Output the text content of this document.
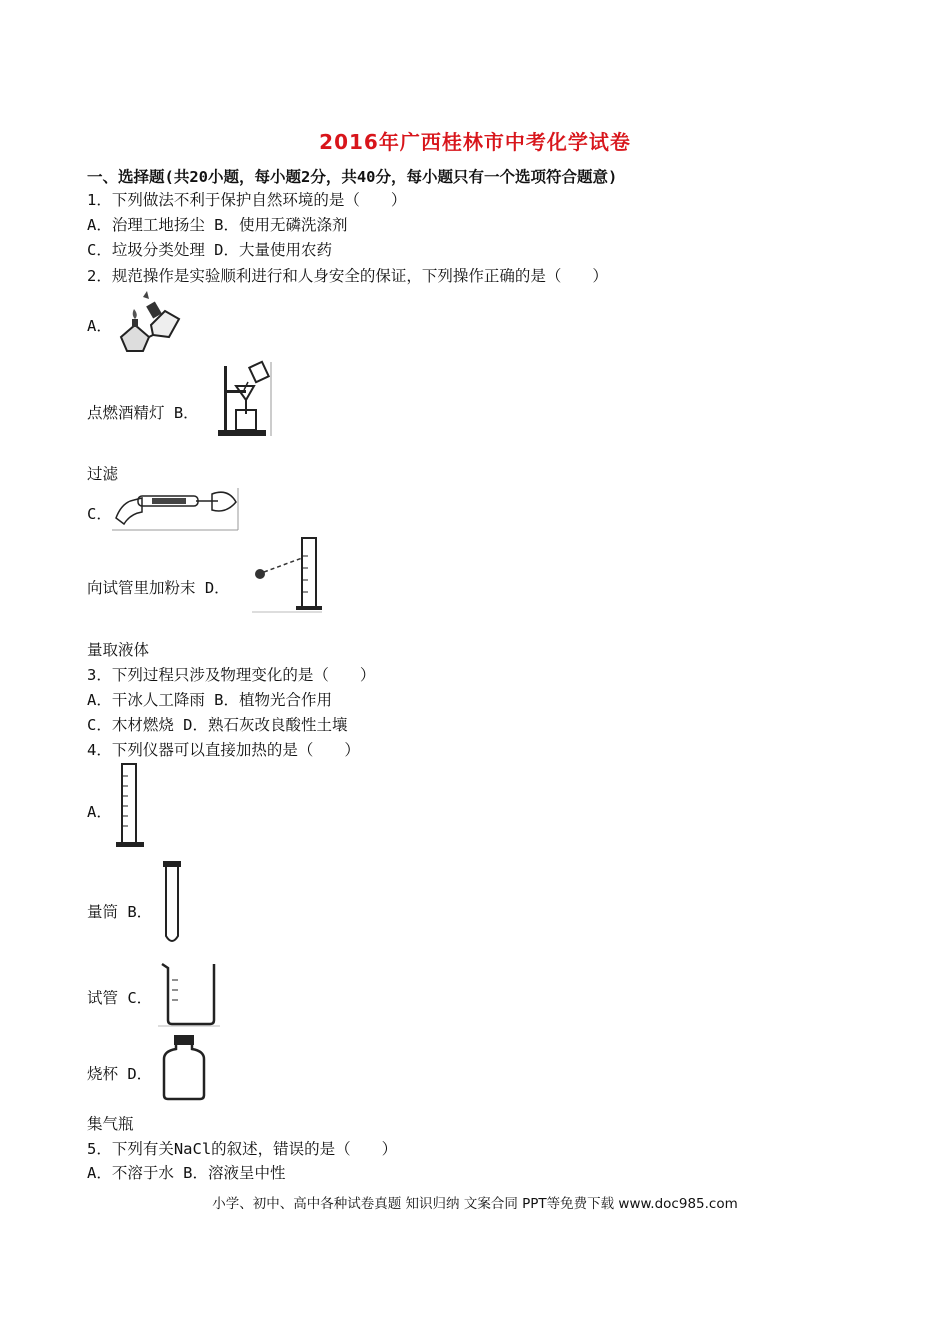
2016年广西桂林市中考化学试卷
一、选择题(共20小题，每小题2分，共40分，每小题只有一个选项符合题意)
1．下列做法不利于保护自然环境的是（　　）
A．治理工地扬尘 B．使用无磷洗涤剂
C．垃圾分类处理 D．大量使用农药
2．规范操作是实验顺利进行和人身安全的保证，下列操作正确的是（　　）
A．
点燃酒精灯 B．
过滤
C．
向试管里加粉末 D．
量取液体
3．下列过程只涉及物理变化的是（　　）
A．干冰人工降雨 B．植物光合作用
C．木材燃烧 D．熟石灰改良酸性土壤
4．下列仪器可以直接加热的是（　　）
A．
量筒 B．
试管 C．
烧杯 D．
集气瓶
5．下列有关NaCl的叙述，错误的是（　　）
A．不溶于水 B．溶液呈中性
小学、初中、高中各种试卷真题 知识归纳 文案合同 PPT等免费下载 www.doc985.com
